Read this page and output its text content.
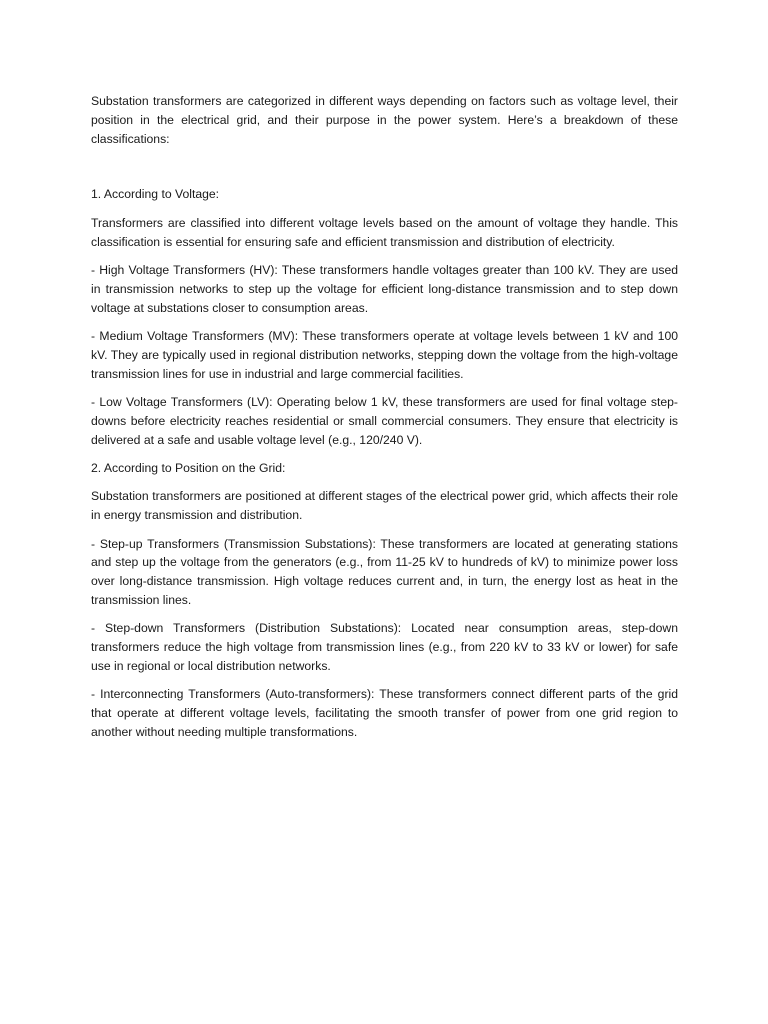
Substation transformers are categorized in different ways depending on factors such as voltage level, their position in the electrical grid, and their purpose in the power system. Here’s a breakdown of these classifications:

1. According to Voltage:

Transformers are classified into different voltage levels based on the amount of voltage they handle. This classification is essential for ensuring safe and efficient transmission and distribution of electricity.

- High Voltage Transformers (HV): These transformers handle voltages greater than 100 kV. They are used in transmission networks to step up the voltage for efficient long-distance transmission and to step down voltage at substations closer to consumption areas.

- Medium Voltage Transformers (MV): These transformers operate at voltage levels between 1 kV and 100 kV. They are typically used in regional distribution networks, stepping down the voltage from the high-voltage transmission lines for use in industrial and large commercial facilities.

- Low Voltage Transformers (LV): Operating below 1 kV, these transformers are used for final voltage step-downs before electricity reaches residential or small commercial consumers. They ensure that electricity is delivered at a safe and usable voltage level (e.g., 120/240 V).

2. According to Position on the Grid:

Substation transformers are positioned at different stages of the electrical power grid, which affects their role in energy transmission and distribution.

- Step-up Transformers (Transmission Substations): These transformers are located at generating stations and step up the voltage from the generators (e.g., from 11-25 kV to hundreds of kV) to minimize power loss over long-distance transmission. High voltage reduces current and, in turn, the energy lost as heat in the transmission lines.

- Step-down Transformers (Distribution Substations): Located near consumption areas, step-down transformers reduce the high voltage from transmission lines (e.g., from 220 kV to 33 kV or lower) for safe use in regional or local distribution networks.

- Interconnecting Transformers (Auto-transformers): These transformers connect different parts of the grid that operate at different voltage levels, facilitating the smooth transfer of power from one grid region to another without needing multiple transformations.
